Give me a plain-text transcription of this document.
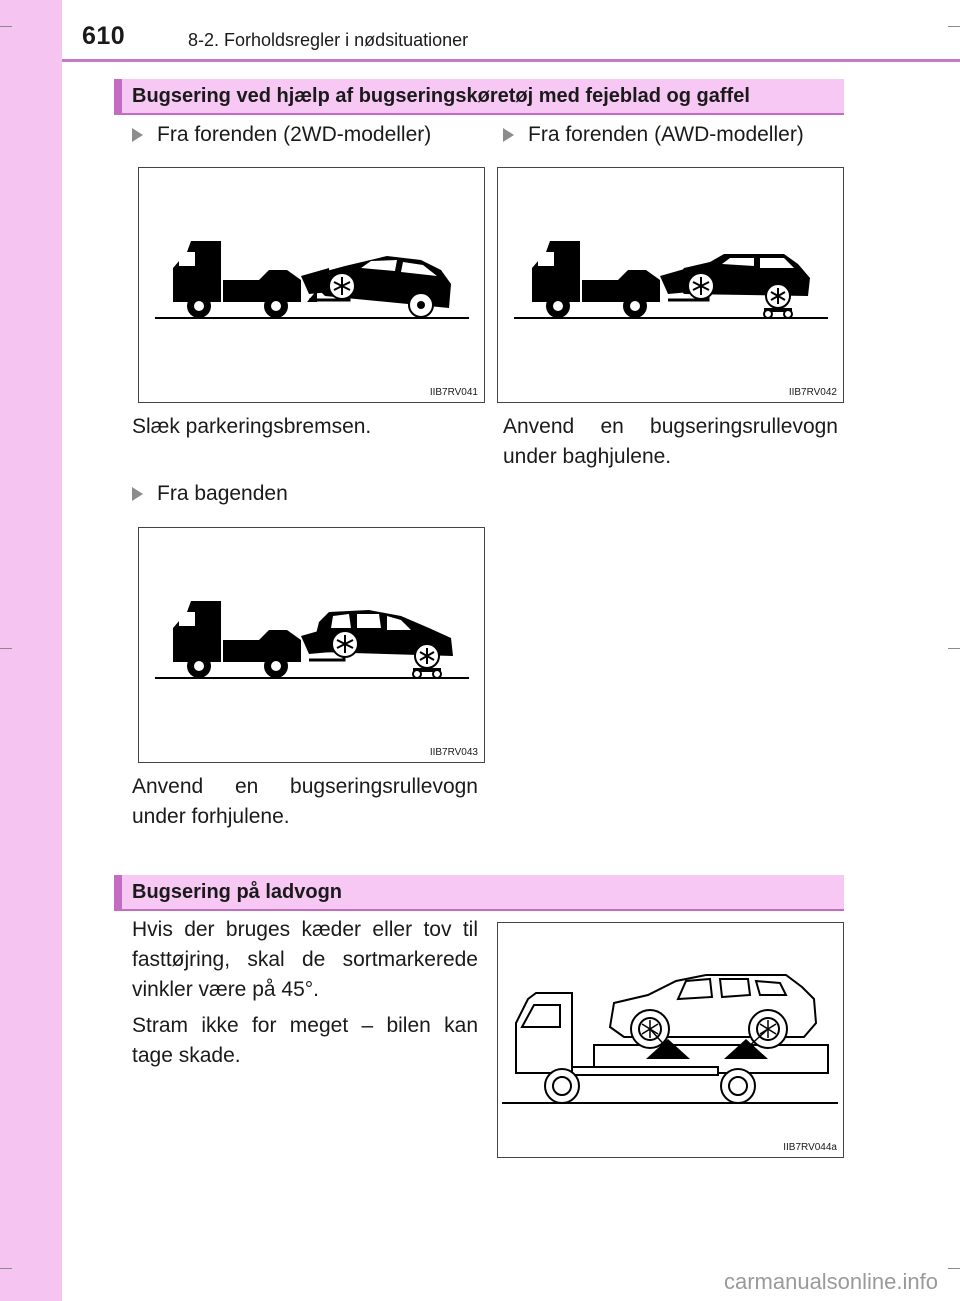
610	8-2. Forholdsregler i nødsituationer
Bugsering ved hjælp af bugseringskøretøj med fejeblad og gaffel
Fra forenden (2WD-modeller)	Fra forenden (AWD-modeller)
IIB7RV041	IIB7RV042
Slæk parkeringsbremsen.	Anvend en bugseringsrullevogn under baghjulene.
Fra bagenden
IIB7RV043
Anvend en bugseringsrullevogn under forhjulene.
Bugsering på ladvogn
Hvis der bruges kæder eller tov til fasttøjring, skal de sortmarkerede vinkler være på 45°.
Stram ikke for meget – bilen kan tage skade.
IIB7RV044a
carmanualsonline.info
